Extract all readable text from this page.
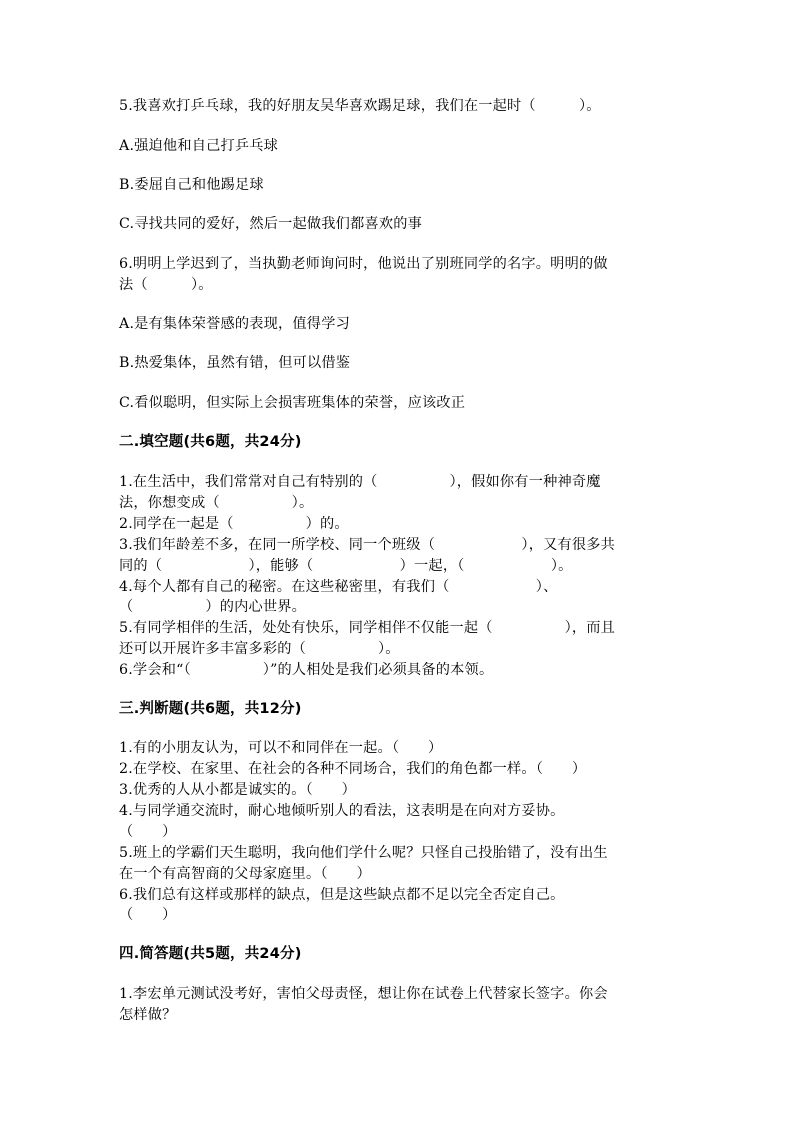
5.我喜欢打乒乓球，我的好朋友吴华喜欢踢足球，我们在一起时（　　　）。
A.强迫他和自己打乒乓球
B.委屈自己和他踢足球
C.寻找共同的爱好，然后一起做我们都喜欢的事
6.明明上学迟到了，当执勤老师询问时，他说出了别班同学的名字。明明的做
法（　　　）。
A.是有集体荣誉感的表现，值得学习
B.热爱集体，虽然有错，但可以借鉴
C.看似聪明，但实际上会损害班集体的荣誉，应该改正
二.填空题(共6题，共24分)
1.在生活中，我们常常对自己有特别的（　　　　　），假如你有一种神奇魔
法，你想变成（　　　　　）。
2.同学在一起是（　　　　　）的。
3.我们年龄差不多，在同一所学校、同一个班级（　　　　　　），又有很多共
同的（　　　　　　），能够（　　　　　　）一起，（　　　　　　）。
4.每个人都有自己的秘密。在这些秘密里，有我们（　　　　　　）、
（　　　　　）的内心世界。
5.有同学相伴的生活，处处有快乐，同学相伴不仅能一起（　　　　　），而且
还可以开展许多丰富多彩的（　　　　　）。
6.学会和“（　　　　　）”的人相处是我们必须具备的本领。
三.判断题(共6题，共12分)
1.有的小朋友认为，可以不和同伴在一起。（　　）
2.在学校、在家里、在社会的各种不同场合，我们的角色都一样。（　　）
3.优秀的人从小都是诚实的。（　　）
4.与同学通交流时，耐心地倾听别人的看法，这表明是在向对方妥协。
（　　）
5.班上的学霸们天生聪明，我向他们学什么呢？只怪自己投胎错了，没有出生
在一个有高智商的父母家庭里。（　　）
6.我们总有这样或那样的缺点，但是这些缺点都不足以完全否定自己。
（　　）
四.简答题(共5题，共24分)
1.李宏单元测试没考好，害怕父母责怪，想让你在试卷上代替家长签字。你会
怎样做？
